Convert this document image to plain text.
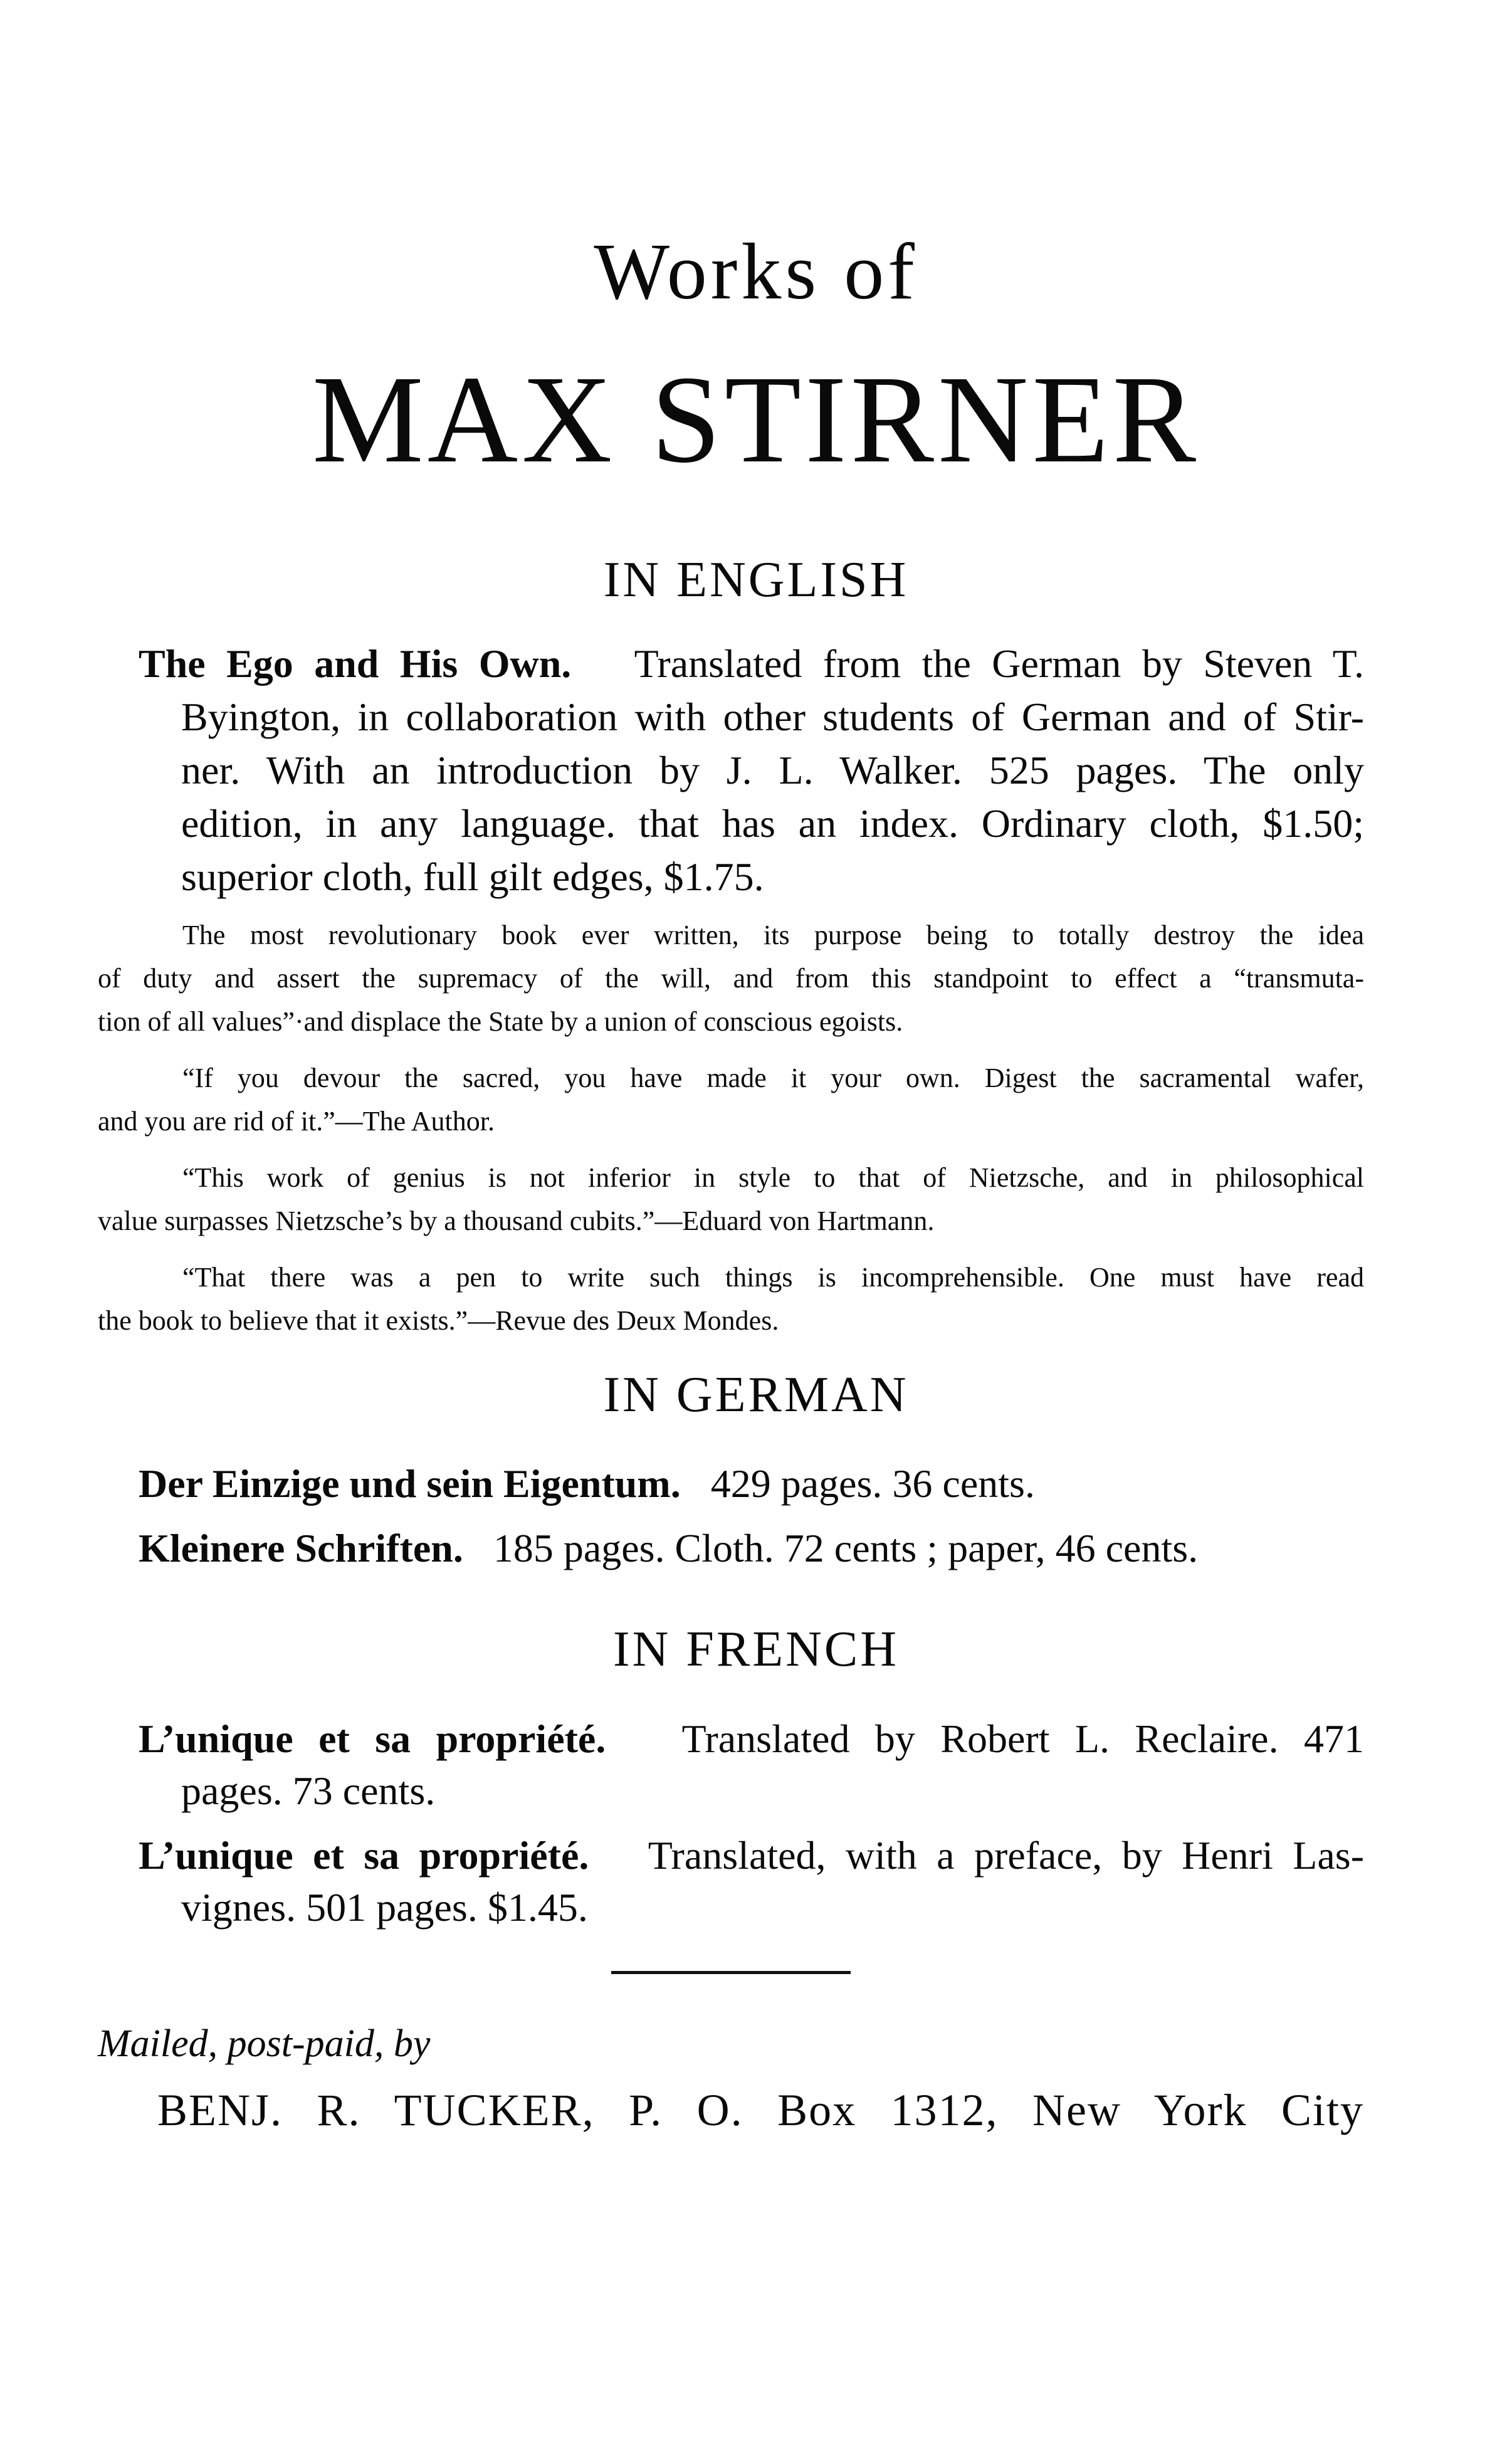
Works of
MAX STIRNER
IN ENGLISH
The Ego and His Own. Translated from the German by Steven T.
Byington, in collaboration with other students of German and of Stir-
ner. With an introduction by J. L. Walker. 525 pages. The only
edition, in any language. that has an index. Ordinary cloth, $1.50;
superior cloth, full gilt edges, $1.75.
The most revolutionary book ever written, its purpose being to totally destroy the idea
of duty and assert the supremacy of the will, and from this standpoint to effect a “transmuta-
tion of all values”·and displace the State by a union of conscious egoists.
“If you devour the sacred, you have made it your own. Digest the sacramental wafer,
and you are rid of it.”—The Author.
“This work of genius is not inferior in style to that of Nietzsche, and in philosophical
value surpasses Nietzsche’s by a thousand cubits.”—Eduard von Hartmann.
“That there was a pen to write such things is incomprehensible. One must have read
the book to believe that it exists.”—Revue des Deux Mondes.
IN GERMAN
Der Einzige und sein Eigentum. 429 pages. 36 cents.
Kleinere Schriften. 185 pages. Cloth. 72 cents ; paper, 46 cents.
IN FRENCH
L’unique et sa propriété. Translated by Robert L. Reclaire. 471
pages. 73 cents.
L’unique et sa propriété. Translated, with a preface, by Henri Las-
vignes. 501 pages. $1.45.
Mailed, post-paid, by
BENJ. R. TUCKER, P. O. Box 1312, New York City
